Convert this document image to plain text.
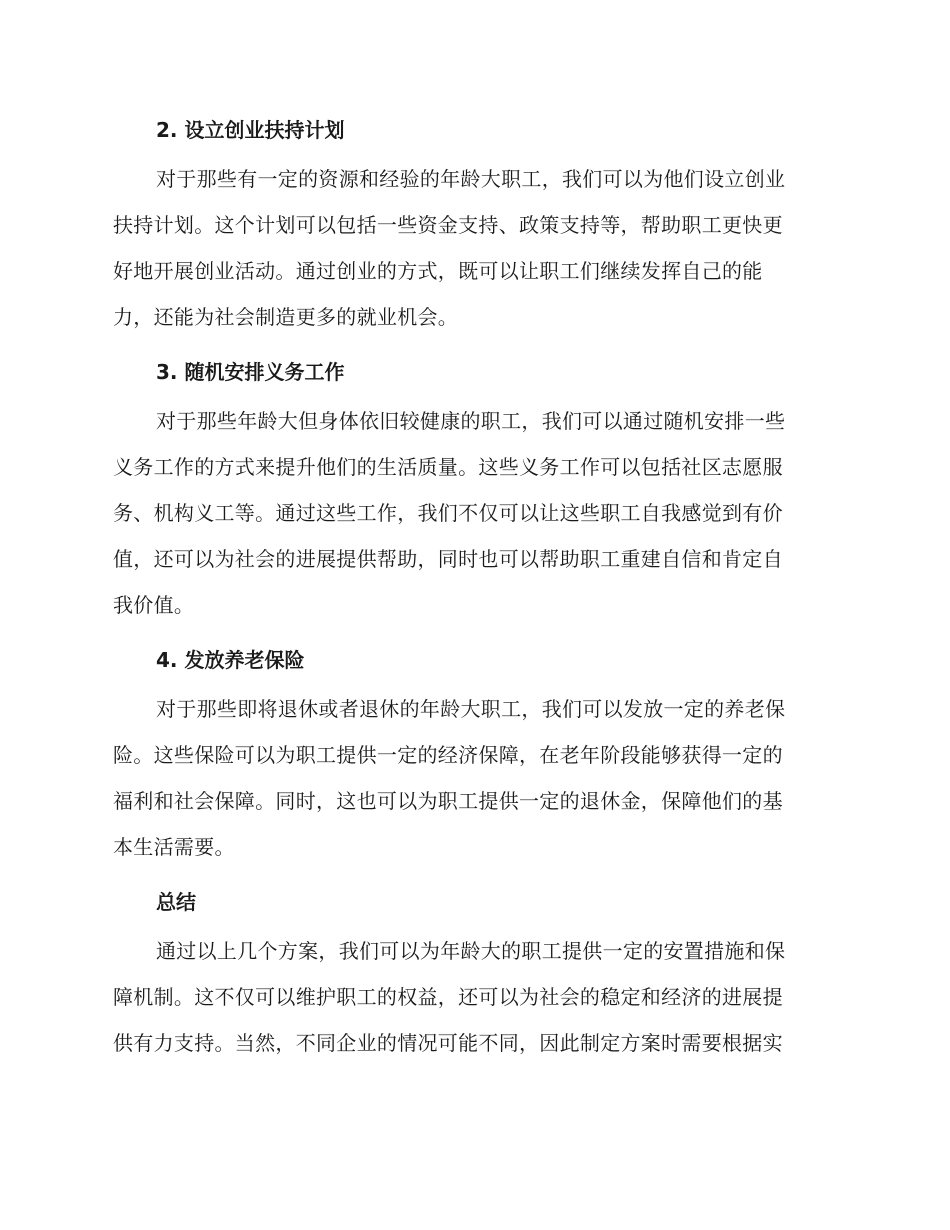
2. 设立创业扶持计划
对于那些有一定的资源和经验的年龄大职工，我们可以为他们设立创业
扶持计划。这个计划可以包括一些资金支持、政策支持等，帮助职工更快更
好地开展创业活动。通过创业的方式，既可以让职工们继续发挥自己的能
力，还能为社会制造更多的就业机会。
3. 随机安排义务工作
对于那些年龄大但身体依旧较健康的职工，我们可以通过随机安排一些
义务工作的方式来提升他们的生活质量。这些义务工作可以包括社区志愿服
务、机构义工等。通过这些工作，我们不仅可以让这些职工自我感觉到有价
值，还可以为社会的进展提供帮助，同时也可以帮助职工重建自信和肯定自
我价值。
4. 发放养老保险
对于那些即将退休或者退休的年龄大职工，我们可以发放一定的养老保
险。这些保险可以为职工提供一定的经济保障，在老年阶段能够获得一定的
福利和社会保障。同时，这也可以为职工提供一定的退休金，保障他们的基
本生活需要。
总结
通过以上几个方案，我们可以为年龄大的职工提供一定的安置措施和保
障机制。这不仅可以维护职工的权益，还可以为社会的稳定和经济的进展提
供有力支持。当然，不同企业的情况可能不同，因此制定方案时需要根据实
